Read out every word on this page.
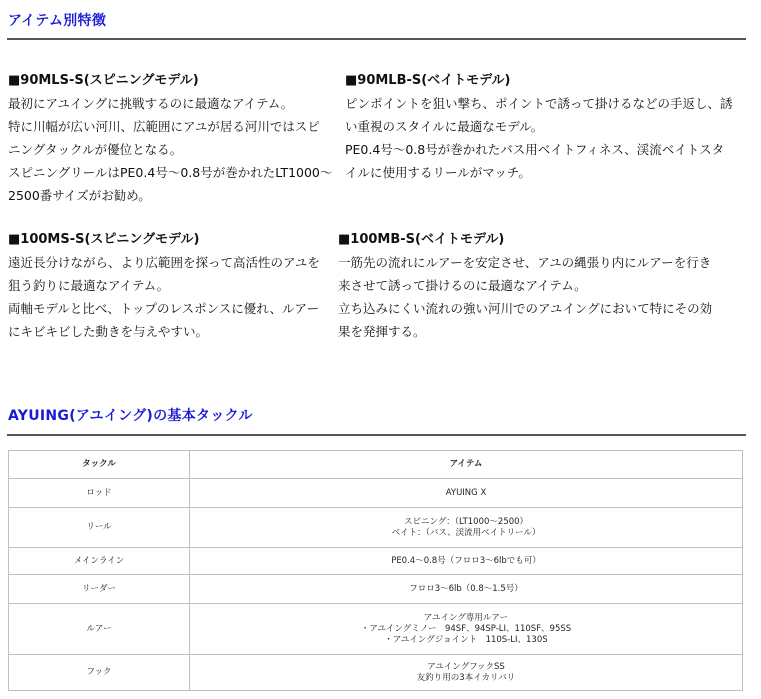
アイテム別特徴
■90MLS-S(スピニングモデル)
最初にアユイングに挑戦するのに最適なアイテム。
特に川幅が広い河川、広範囲にアユが居る河川ではスピ
ニングタックルが優位となる。
スピニングリールはPE0.4号～0.8号が巻かれたLT1000～
2500番サイズがお勧め。
■90MLB-S(ベイトモデル)
ピンポイントを狙い撃ち、ポイントで誘って掛けるなどの手返し、誘
い重視のスタイルに最適なモデル。
PE0.4号～0.8号が巻かれたバス用ベイトフィネス、渓流ベイトスタ
イルに使用するリールがマッチ。
■100MS-S(スピニングモデル)
遠近長分けながら、より広範囲を探って高活性のアユを
狙う釣りに最適なアイテム。
両軸モデルと比べ、トップのレスポンスに優れ、ルアー
にキビキビした動きを与えやすい。
■100MB-S(ベイトモデル)
一筋先の流れにルアーを安定させ、アユの縄張り内にルアーを行き
来させて誘って掛けるのに最適なアイテム。
立ち込みにくい流れの強い河川でのアユイングにおいて特にその効
果を発揮する。
AYUING(アユイング)の基本タックル
タックル	アイテム
ロッド	AYUING X

リール	スピニング：（LT1000～2500）
ベイト：（バス、渓流用ベイトリール）

メインライン	PE0.4～0.8号（フロロ3～6lbでも可）

リーダー	フロロ3～6lb（0.8～1.5号）

ルアー	アユイング専用ルアー
・アユイングミノー　94SF、94SP-LI、110SF、95SS
・アユイングジョイント　110S-LI、130S

フック	アユイングフックSS
友釣り用の3本イカリバリ
